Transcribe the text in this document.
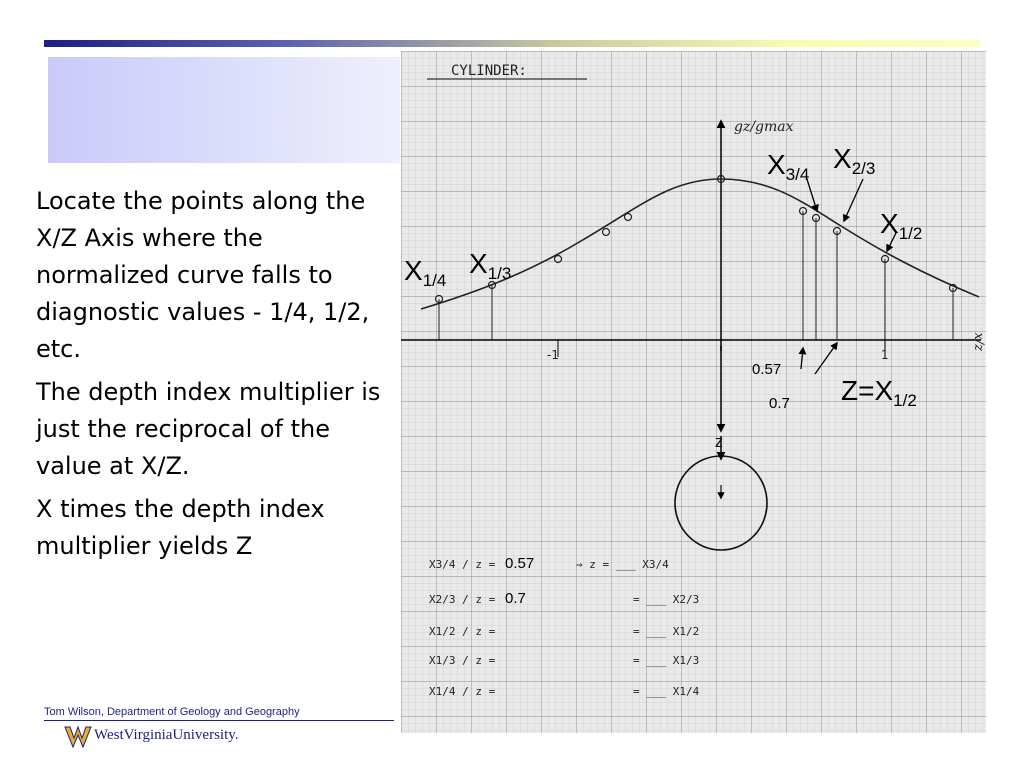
Locate the points along the X/Z Axis where the normalized curve falls to diagnostic values - 1/4, 1/2, etc.

The depth index multiplier is just the reciprocal of the value at X/Z.

X times the depth index multiplier yields Z

CYLINDER:
gz/gmax
x/z
-1	1
z
$X_{3/4}$
$X_{2/3}$
$X_{1/2}$
$X_{1/4}$
$X_{1/3}$
$Z=X_{1/2}$
0.57
0.7
X3/4 / z = 0.57	⇒ z = ___ X3/4
X2/3 / z = 0.7	= ___ X2/3
X1/2 / z =	= ___ X1/2
X1/3 / z =	= ___ X1/3
X1/4 / z =	= ___ X1/4
Tom Wilson, Department of Geology and Geography
WestVirginiaUniversity.
